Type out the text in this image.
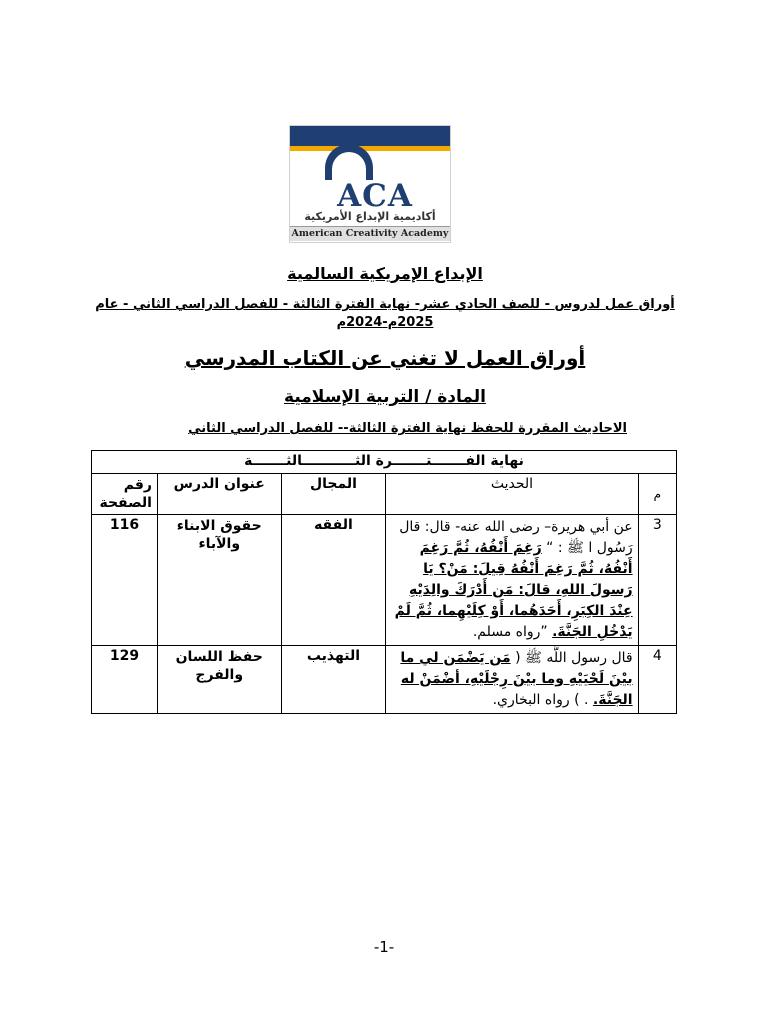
ACA
أكاديمية الإبداع الأمريكية
American Creativity Academy
الإبداع الإمريكية السالمية
أوراق عمل لدروس - للصف الحادي عشر- نهاية الفترة الثالثة - للفصل الدراسي الثاني - عام 2025م-2024م
أوراق العمل لا تغني عن الكتاب المدرسي
المادة / التربية الإسلامية
الاحاديث المقررة للحفظ نهاية الفترة الثالثة-- للفصل الدراسي الثاني
نهاية الفـــــــتـــــــرة الثـــــــــــالثـــــــة				
م	الحديث	المجال	عنوان الدرس	رقم الصفحة
3	عن أبي هريرة– رضى الله عنه- قال: قال رَسُول ا ﷺ : “ رَغِمَ أَنْفُهُ، ثُمَّ رَغِمَ أَنْفُهُ، ثُمَّ رَغِمَ أَنْفُهُ قِيلَ: مَنْ؟ يَا رَسولَ اللهِ، قالَ: مَن أَدْرَكَ والِدَيْهِ عِنْدَ الكِبَرِ، أَحَدَهُما، أَوْ كِلَيْهِما، ثُمَّ لَمْ يَدْخُلِ الجَنَّةَ. ”رواه مسلم.	الفقه	حقوق الابناء والآباء	116
4	قال رسول اللَّه ﷺ ( مَن يَضْمَن لي ما بيْنَ لَحْيَيْهِ وما بيْنَ رِجْلَيْهِ، أضْمَنْ له الجَنَّةَ. . ) رواه البخاري.	التهذيب	حفظ اللسان والفرج	129
-1-
